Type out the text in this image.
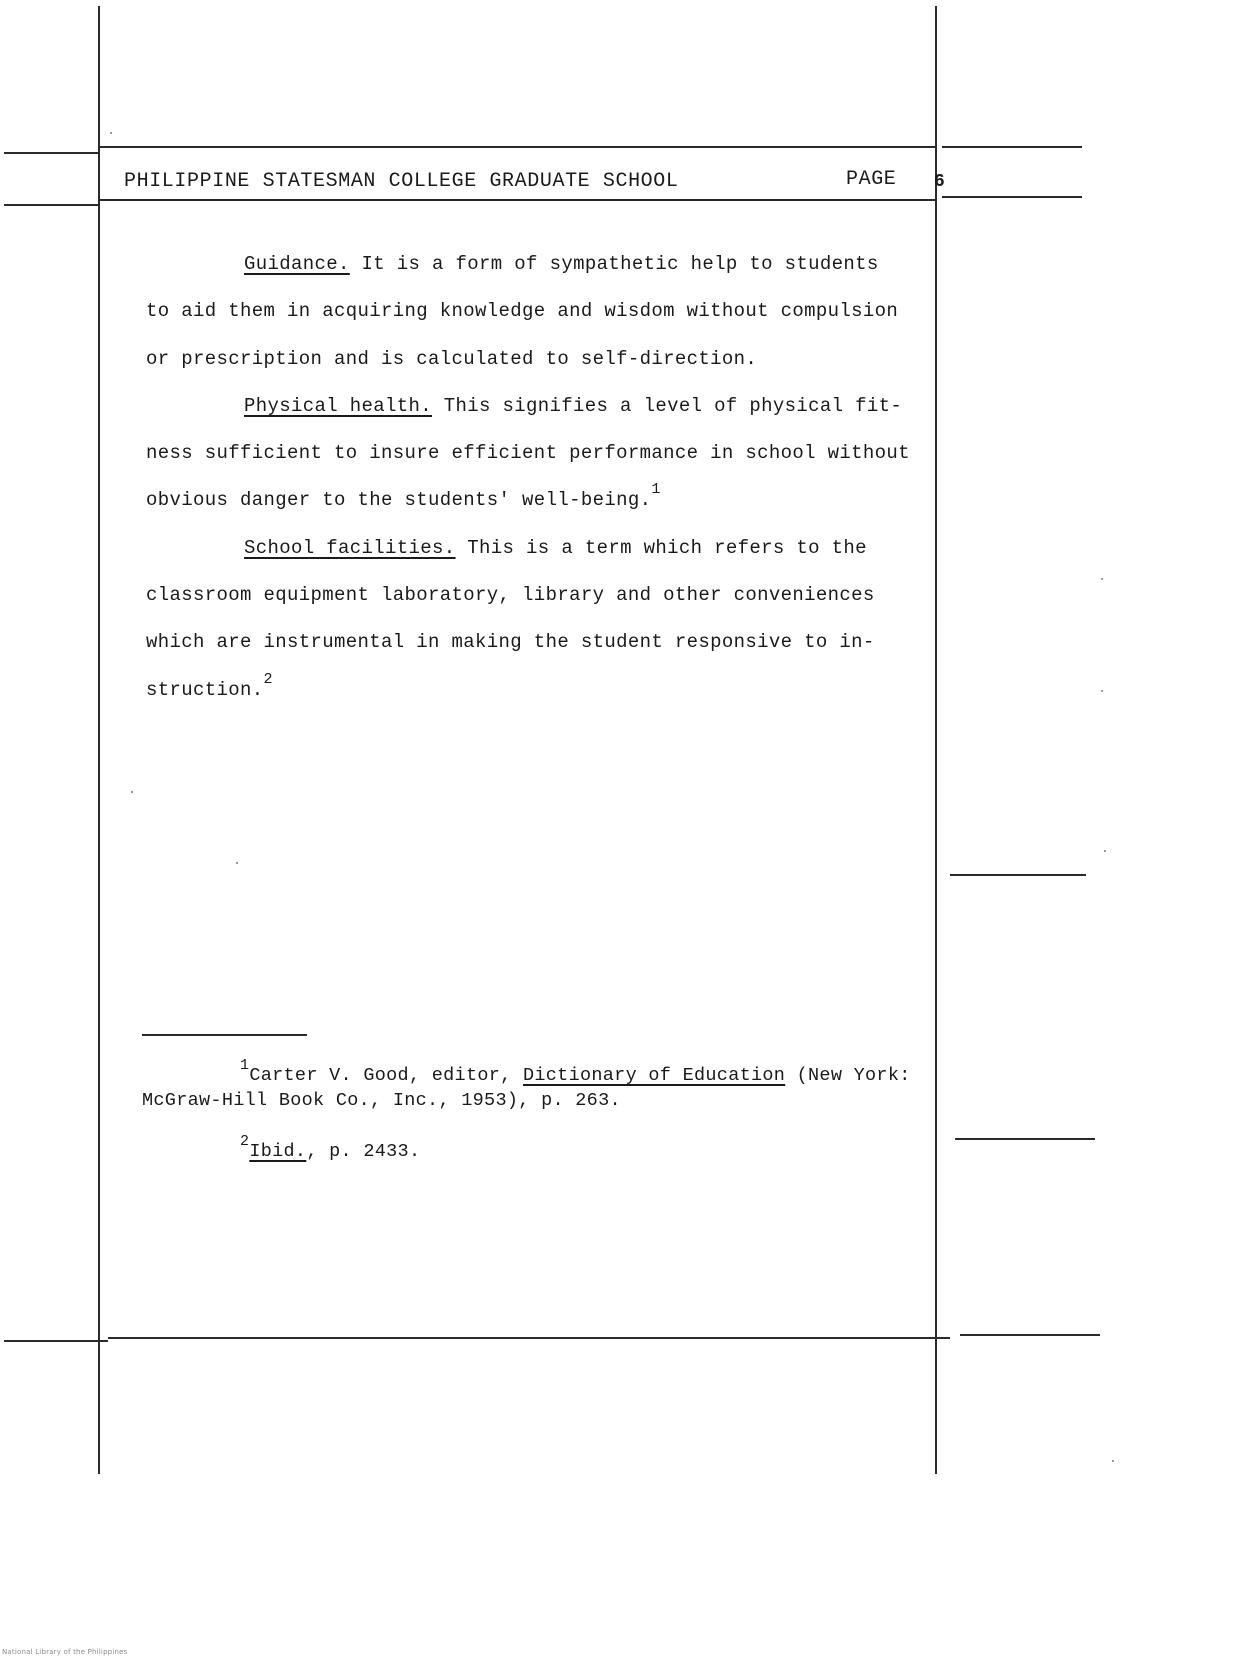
PHILIPPINE STATESMAN COLLEGE GRADUATE SCHOOL	PAGE 6
Guidance. It is a form of sympathetic help to students
to aid them in acquiring knowledge and wisdom without compulsion
or prescription and is calculated to self-direction.
Physical health. This signifies a level of physical fit-
ness sufficient to insure efficient performance in school without
obvious danger to the students' well-being.$^1$
School facilities. This is a term which refers to the
classroom equipment laboratory, library and other conveniences
which are instrumental in making the student responsive to in-
struction.$^2$
$^1$Carter V. Good, editor, Dictionary of Education (New York:
McGraw-Hill Book Co., Inc., 1953), p. 263.
$^2$Ibid., p. 2433.
National Library of the Philippines
